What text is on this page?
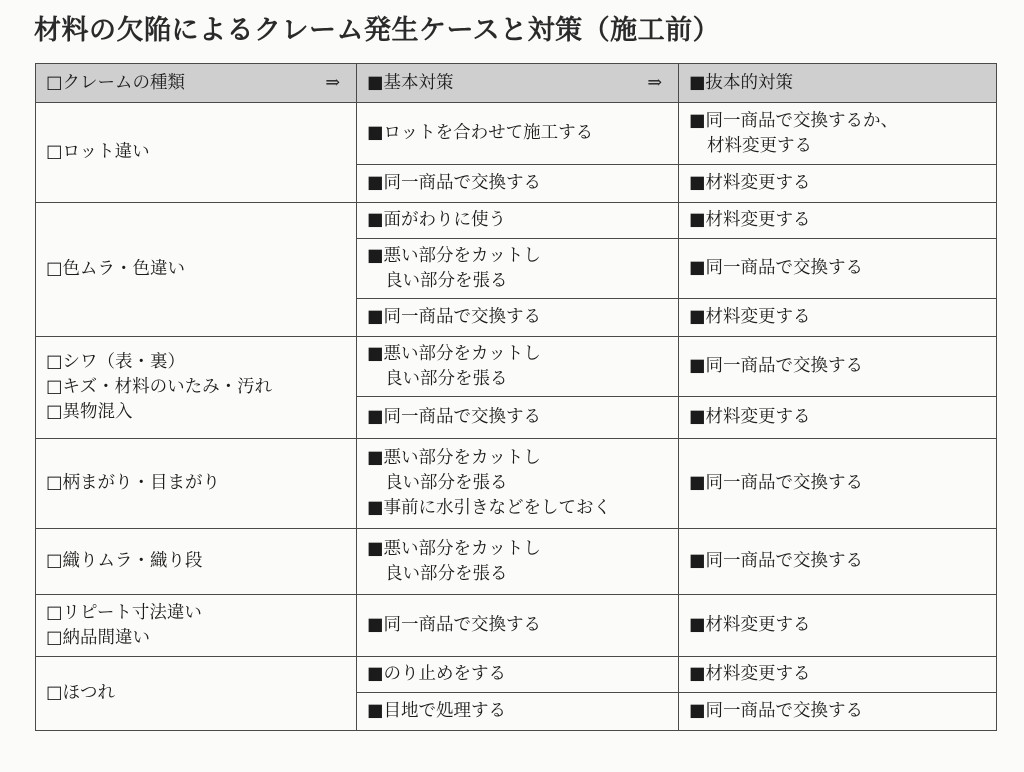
材料の欠陥によるクレーム発生ケースと対策（施工前）
□クレームの種類 ⇒	■基本対策 ⇒	■抜本的対策

□ロット違い	■ロットを合わせて施工する	■同一商品で交換するか、
材料変更する

	■同一商品で交換する	■材料変更する

□色ムラ・色違い	■面がわりに使う	■材料変更する

	■悪い部分をカットし
良い部分を張る	■同一商品で交換する

	■同一商品で交換する	■材料変更する

□シワ（表・裏）
□キズ・材料のいたみ・汚れ
□異物混入	■悪い部分をカットし
良い部分を張る	■同一商品で交換する

	■同一商品で交換する	■材料変更する

□柄まがり・目まがり	■悪い部分をカットし
良い部分を張る
■事前に水引きなどをしておく	■同一商品で交換する

□織りムラ・織り段	■悪い部分をカットし
良い部分を張る	■同一商品で交換する

□リピート寸法違い
□納品間違い	■同一商品で交換する	■材料変更する

□ほつれ	■のり止めをする	■材料変更する

	■目地で処理する	■同一商品で交換する
